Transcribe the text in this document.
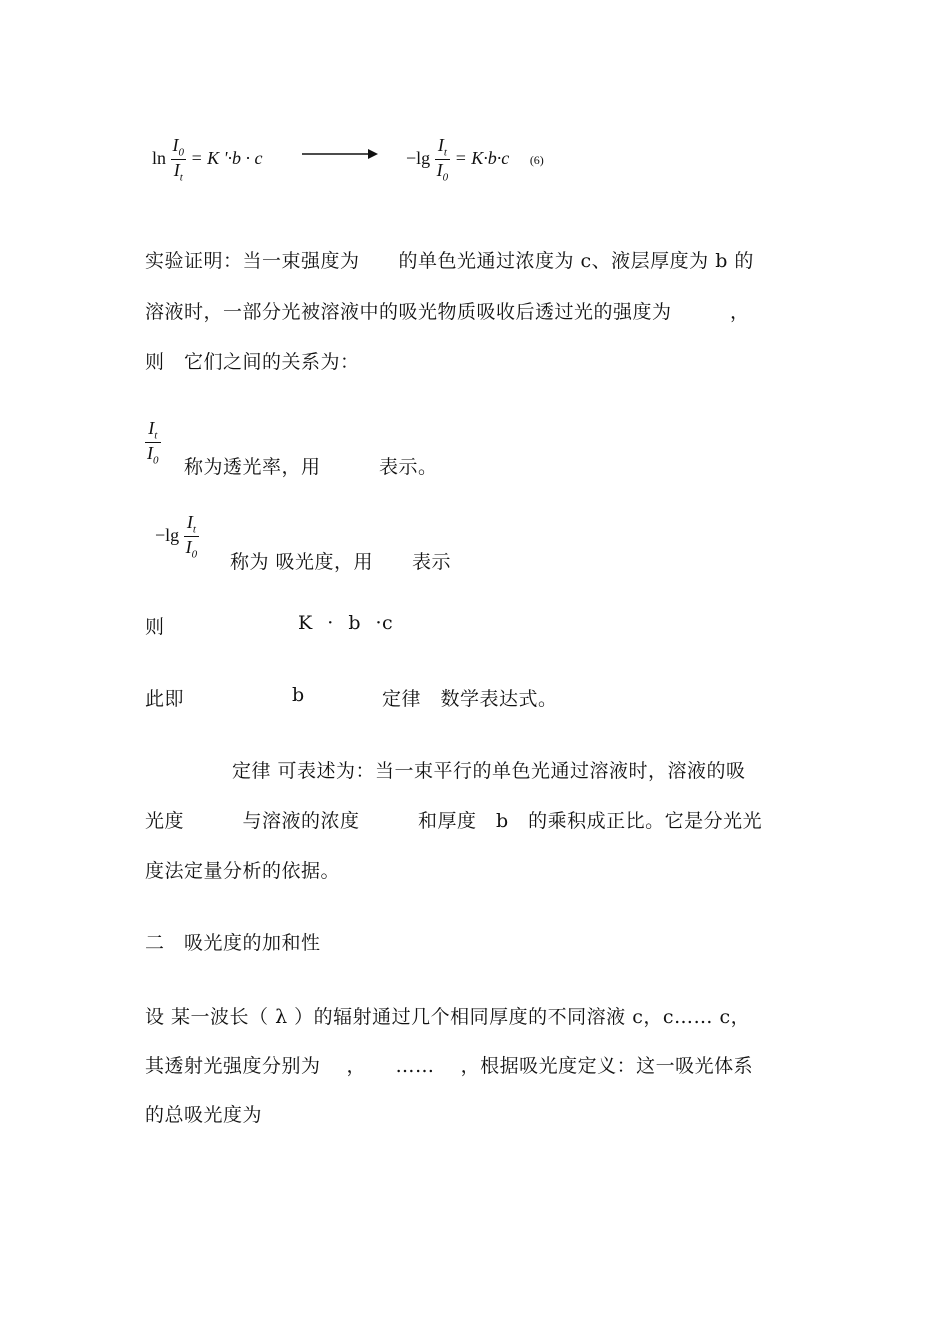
$\ln \frac{I_0}{I_t} = K$ '·b · c	$-\lg \frac{I_t}{I_0} = K\cdot b\cdot c$ (6)
实验证明：当一束强度为　　的单色光通过浓度为 c、液层厚度为 b 的
溶液时，一部分光被溶液中的吸光物质吸收后透过光的强度为　　　，
则　它们之间的关系为：
$\frac{I_t}{I_0}$ 称为透光率，用　　　表示。
$-\lg \frac{I_t}{I_0}$
称为 吸光度，用　　表示
则	K · b ·c
此即	b	定律　数学表达式。
定律 可表述为：当一束平行的单色光通过溶液时，溶液的吸
光度　　　与溶液的浓度　　　和厚度　b　的乘积成正比。它是分光光
度法定量分析的依据。
二　吸光度的加和性
设 某一波长（ λ ）的辐射通过几个相同厚度的不同溶液 c，c…… c，
其透射光强度分别为　 ，　　……　 ，根据吸光度定义：这一吸光体系
的总吸光度为
